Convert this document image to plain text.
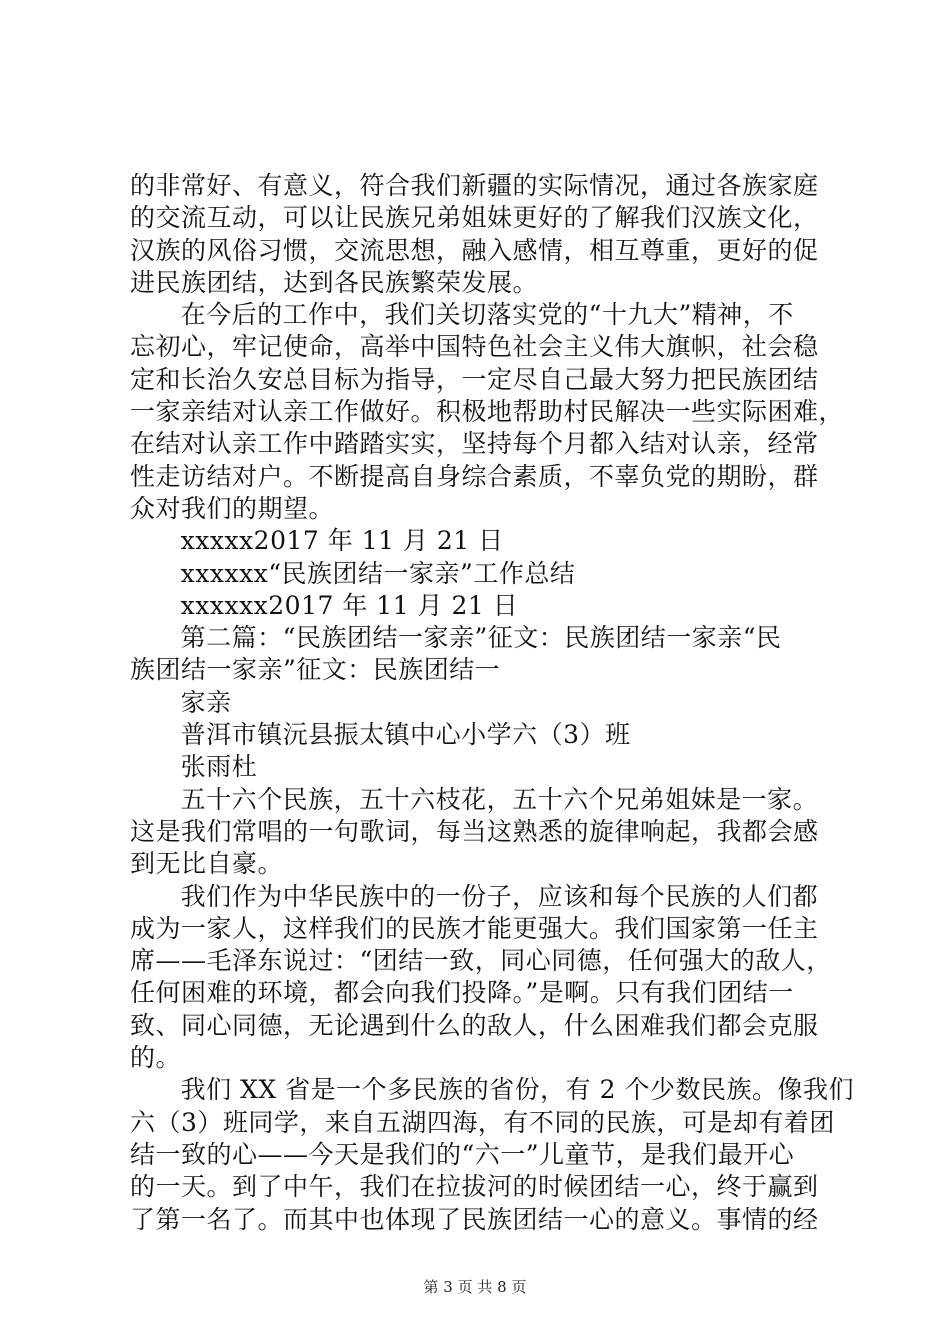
的非常好、有意义，符合我们新疆的实际情况，通过各族家庭
的交流互动，可以让民族兄弟姐妹更好的了解我们汉族文化，
汉族的风俗习惯，交流思想，融入感情，相互尊重，更好的促
进民族团结，达到各民族繁荣发展。
在今后的工作中，我们关切落实党的“十九大”精神，不
忘初心，牢记使命，高举中国特色社会主义伟大旗帜，社会稳
定和长治久安总目标为指导，一定尽自己最大努力把民族团结
一家亲结对认亲工作做好。积极地帮助村民解决一些实际困难，
在结对认亲工作中踏踏实实，坚持每个月都入结对认亲，经常
性走访结对户。不断提高自身综合素质，不辜负党的期盼，群
众对我们的期望。
xxxxx2017 年 11 月 21 日
xxxxxx“民族团结一家亲”工作总结
xxxxxx2017 年 11 月 21 日
第二篇：“民族团结一家亲”征文：民族团结一家亲“民
族团结一家亲”征文：民族团结一
家亲
普洱市镇沅县振太镇中心小学六（3）班
张雨杜
五十六个民族，五十六枝花，五十六个兄弟姐妹是一家。
这是我们常唱的一句歌词，每当这熟悉的旋律响起，我都会感
到无比自豪。
我们作为中华民族中的一份子，应该和每个民族的人们都
成为一家人，这样我们的民族才能更强大。我们国家第一任主
席——毛泽东说过：“团结一致，同心同德，任何强大的敌人，
任何困难的环境，都会向我们投降。”是啊。只有我们团结一
致、同心同德，无论遇到什么的敌人，什么困难我们都会克服
的。
我们 XX 省是一个多民族的省份，有 2 个少数民族。像我们
六（3）班同学，来自五湖四海，有不同的民族，可是却有着团
结一致的心——今天是我们的“六一”儿童节，是我们最开心
的一天。到了中午，我们在拉拔河的时候团结一心，终于赢到
了第一名了。而其中也体现了民族团结一心的意义。事情的经
第 3 页 共 8 页
